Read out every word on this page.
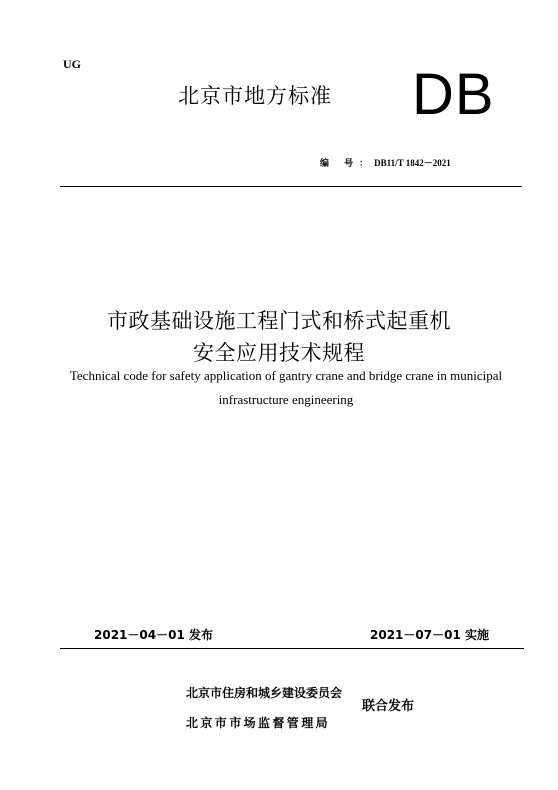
UG
北京市地方标准 DB
编 号：DB11/T 1842－2021
市政基础设施工程门式和桥式起重机
安全应用技术规程
Technical code for safety application of gantry crane and bridge crane in municipal
infrastructure engineering
2021－04－01 发布	2021－07－01 实施
北京市住房和城乡建设委员会
北京市市场监督管理局
联合发布
